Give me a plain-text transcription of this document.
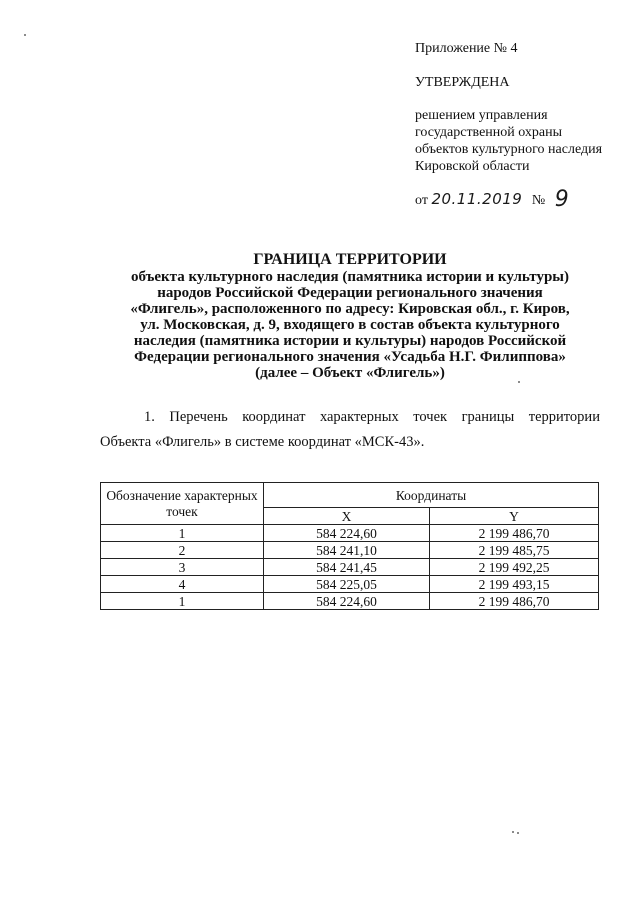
Приложение № 4
УТВЕРЖДЕНА
решением управления
государственной охраны
объектов культурного наследия
Кировской области
от 20.11.2019 № 9
ГРАНИЦА ТЕРРИТОРИИ
объекта культурного наследия (памятника истории и культуры)
народов Российской Федерации регионального значения
«Флигель», расположенного по адресу: Кировская обл., г. Киров,
ул. Московская, д. 9, входящего в состав объекта культурного
наследия (памятника истории и культуры) народов Российской
Федерации регионального значения «Усадьба Н.Г. Филиппова»
(далее – Объект «Флигель»)
1. Перечень координат характерных точек границы территории
Объекта «Флигель» в системе координат «МСК-43».
Обозначение характерных точек	Координаты	
	X	Y
1	584 224,60	2 199 486,70
2	584 241,10	2 199 485,75
3	584 241,45	2 199 492,25
4	584 225,05	2 199 493,15
1	584 224,60	2 199 486,70
